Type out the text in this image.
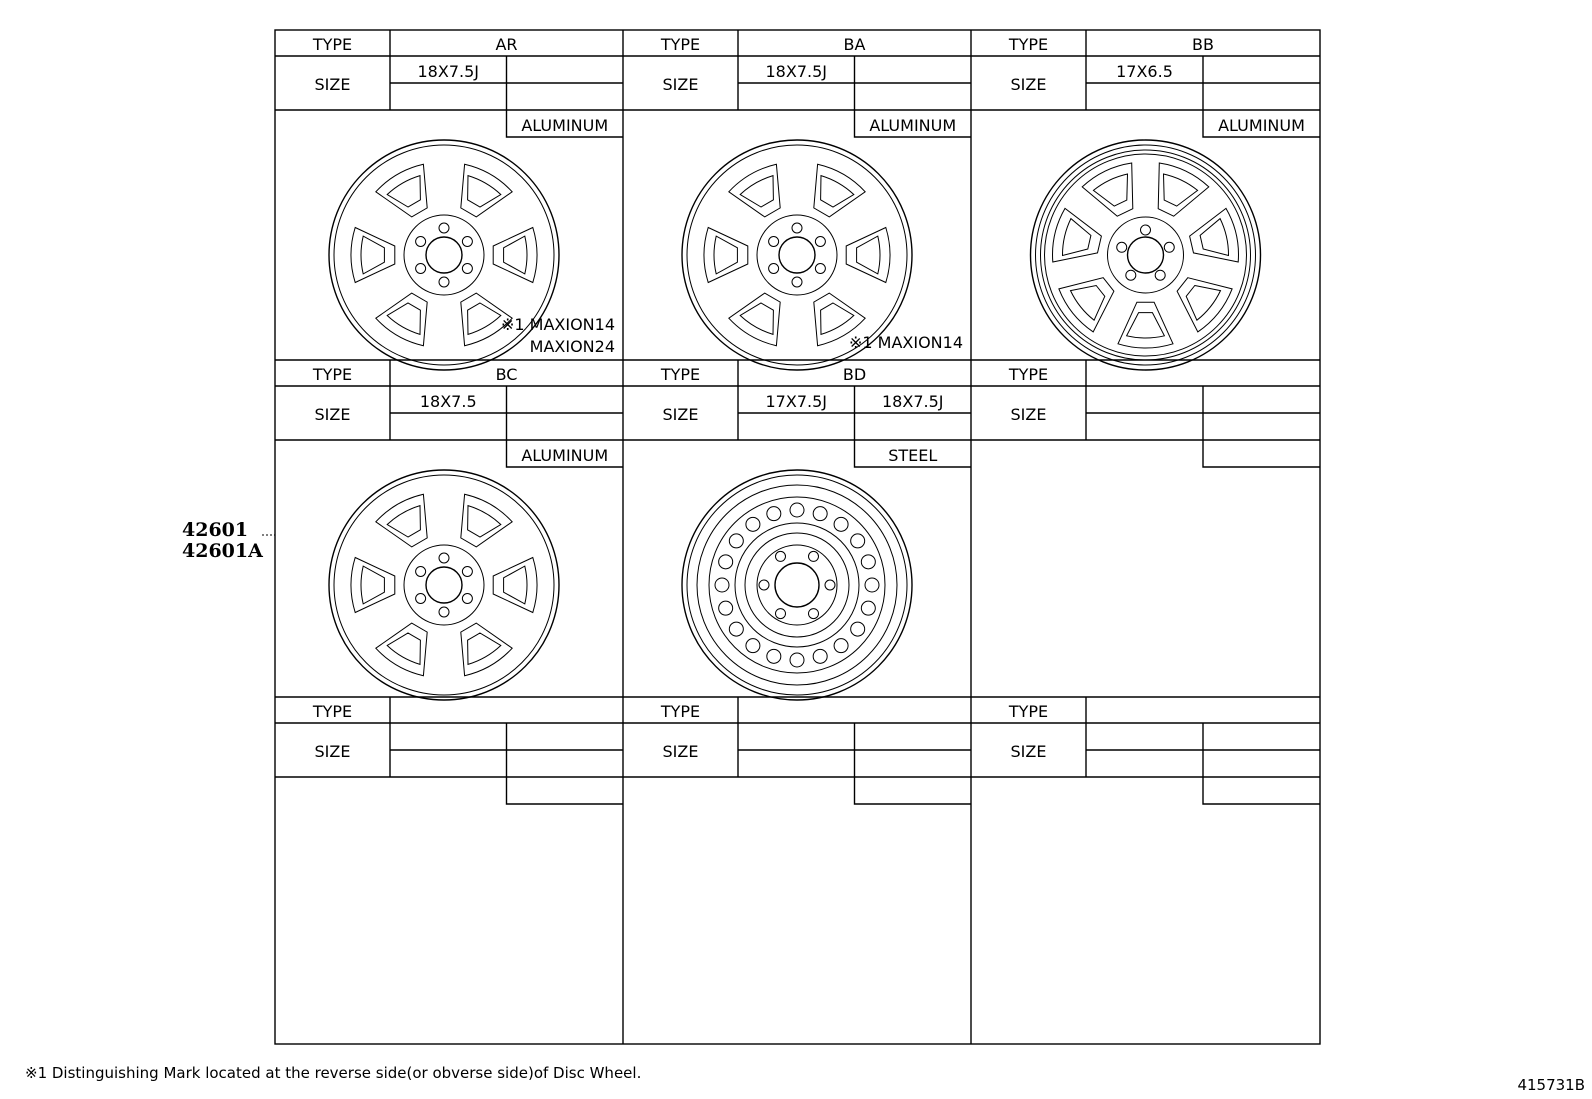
TYPE
SIZE
AR
18X7.5J
ALUMINUM
※1 MAXION14
MAXION24
TYPE
SIZE
BA
18X7.5J
ALUMINUM
※1 MAXION14
TYPE
SIZE
BB
17X6.5
ALUMINUM
TYPE
SIZE
BC
18X7.5
ALUMINUM
TYPE
SIZE
BD
17X7.5J	18X7.5J
STEEL
TYPE
SIZE
TYPE
SIZE
TYPE
SIZE
TYPE
SIZE
42601
42601A
※1 Distinguishing Mark located at the reverse side(or obverse side)of Disc Wheel.
415731B
